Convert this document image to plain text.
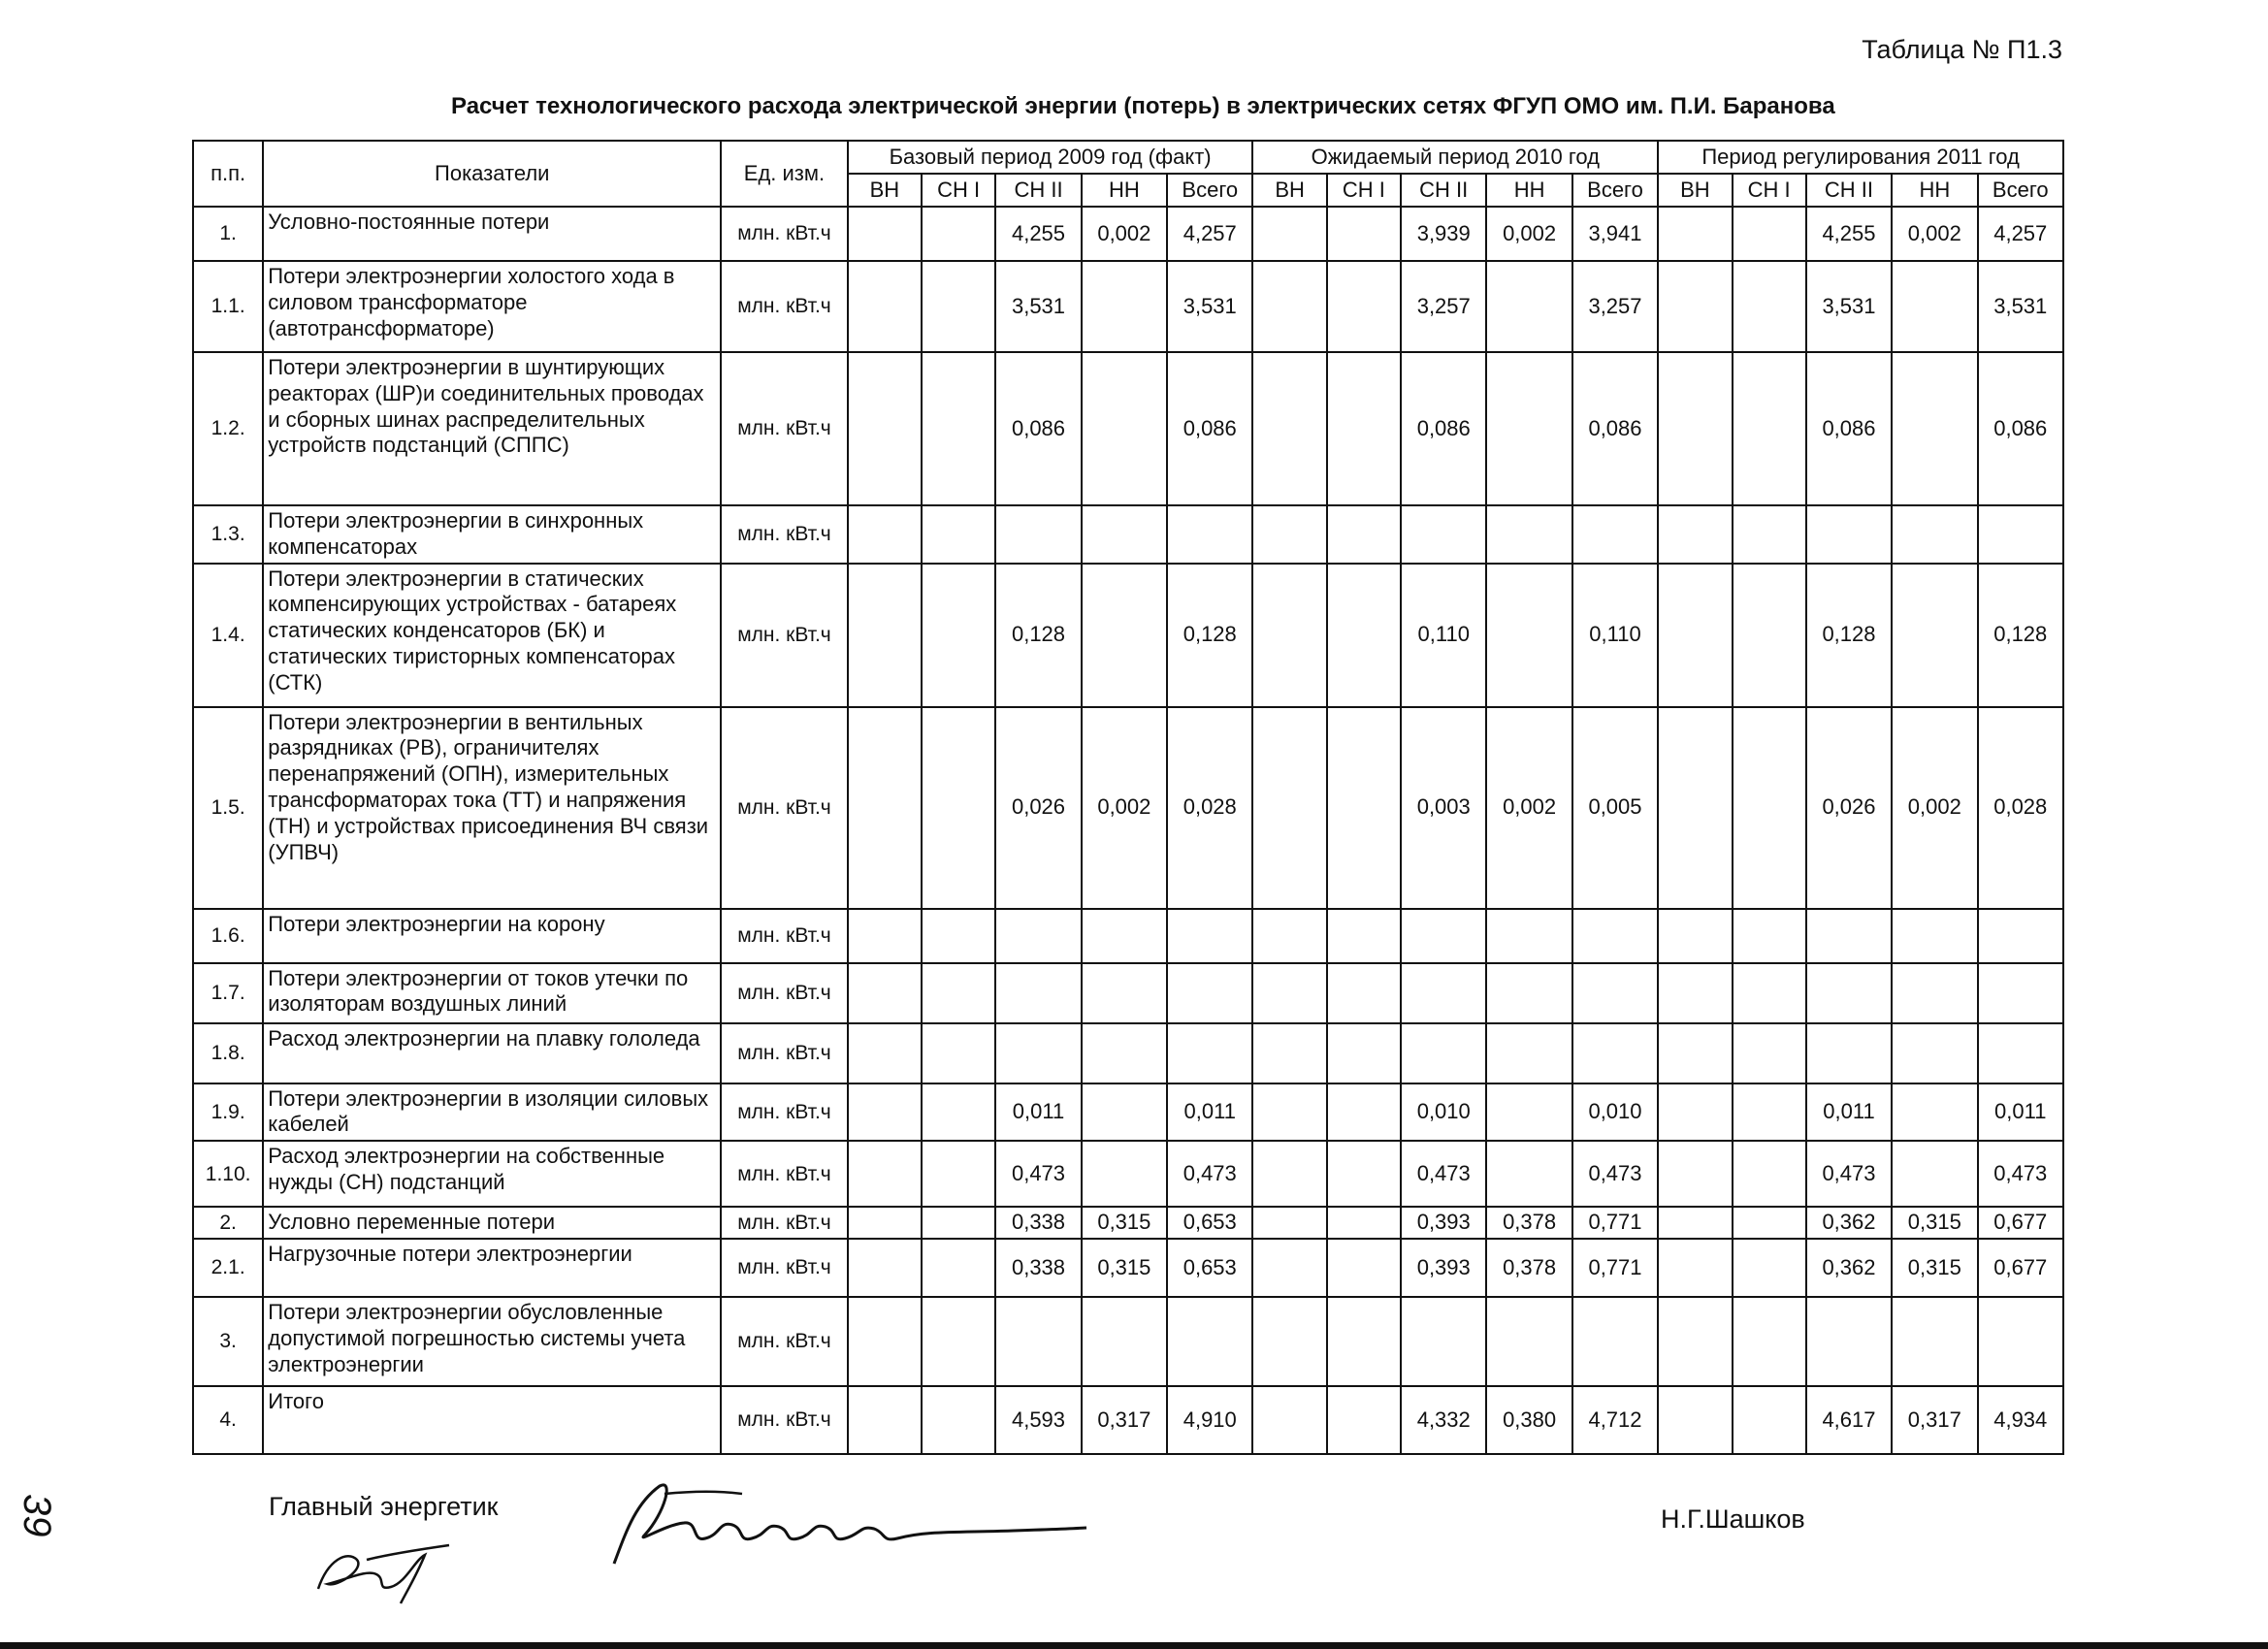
Таблица № П1.3
Расчет технологического расхода электрической энергии (потерь) в электрических сетях ФГУП ОМО им. П.И. Баранова
п.п.	Показатели	Ед. изм.	Базовый период 2009 год (факт)					Ожидаемый период 2010 год					Период регулирования 2011 год				
			ВН	СН I	СН II	НН	Всего	ВН	СН I	СН II	НН	Всего	ВН	СН I	СН II	НН	Всего
1.	Условно-постоянные потери	млн. кВт.ч			4,255	0,002	4,257			3,939	0,002	3,941			4,255	0,002	4,257
1.1.	Потери электроэнергии холостого хода в силовом трансформаторе (автотрансформаторе)	млн. кВт.ч			3,531		3,531			3,257		3,257			3,531		3,531
1.2.	Потери электроэнергии в шунтирующих реакторах (ШР)и соединительных проводах и сборных шинах распределительных устройств подстанций (СППС)	млн. кВт.ч			0,086		0,086			0,086		0,086			0,086		0,086
1.3.	Потери электроэнергии в синхронных компенсаторах	млн. кВт.ч															
1.4.	Потери электроэнергии в статических компенсирующих устройствах - батареях статических конденсаторов (БК) и статических тиристорных компенсаторах (СТК)	млн. кВт.ч			0,128		0,128			0,110		0,110			0,128		0,128
1.5.	Потери электроэнергии в вентильных разрядниках (РВ), ограничителях перенапряжений (ОПН), измерительных трансформаторах тока (ТТ) и напряжения (ТН) и устройствах присоединения ВЧ связи (УПВЧ)	млн. кВт.ч			0,026	0,002	0,028			0,003	0,002	0,005			0,026	0,002	0,028
1.6.	Потери электроэнергии на корону	млн. кВт.ч															
1.7.	Потери электроэнергии от токов утечки по изоляторам воздушных линий	млн. кВт.ч															
1.8.	Расход электроэнергии на плавку гололеда	млн. кВт.ч															
1.9.	Потери электроэнергии в изоляции силовых кабелей	млн. кВт.ч			0,011		0,011			0,010		0,010			0,011		0,011
1.10.	Расход электроэнергии на собственные нужды (СН) подстанций	млн. кВт.ч			0,473		0,473			0,473		0,473			0,473		0,473
2.	Условно переменные потери	млн. кВт.ч			0,338	0,315	0,653			0,393	0,378	0,771			0,362	0,315	0,677
2.1.	Нагрузочные потери электроэнергии	млн. кВт.ч			0,338	0,315	0,653			0,393	0,378	0,771			0,362	0,315	0,677
3.	Потери электроэнергии обусловленные допустимой погрешностью системы учета электроэнергии	млн. кВт.ч															
4.	Итого	млн. кВт.ч			4,593	0,317	4,910			4,332	0,380	4,712			4,617	0,317	4,934
Главный энергетик	Н.Г.Шашков
39
